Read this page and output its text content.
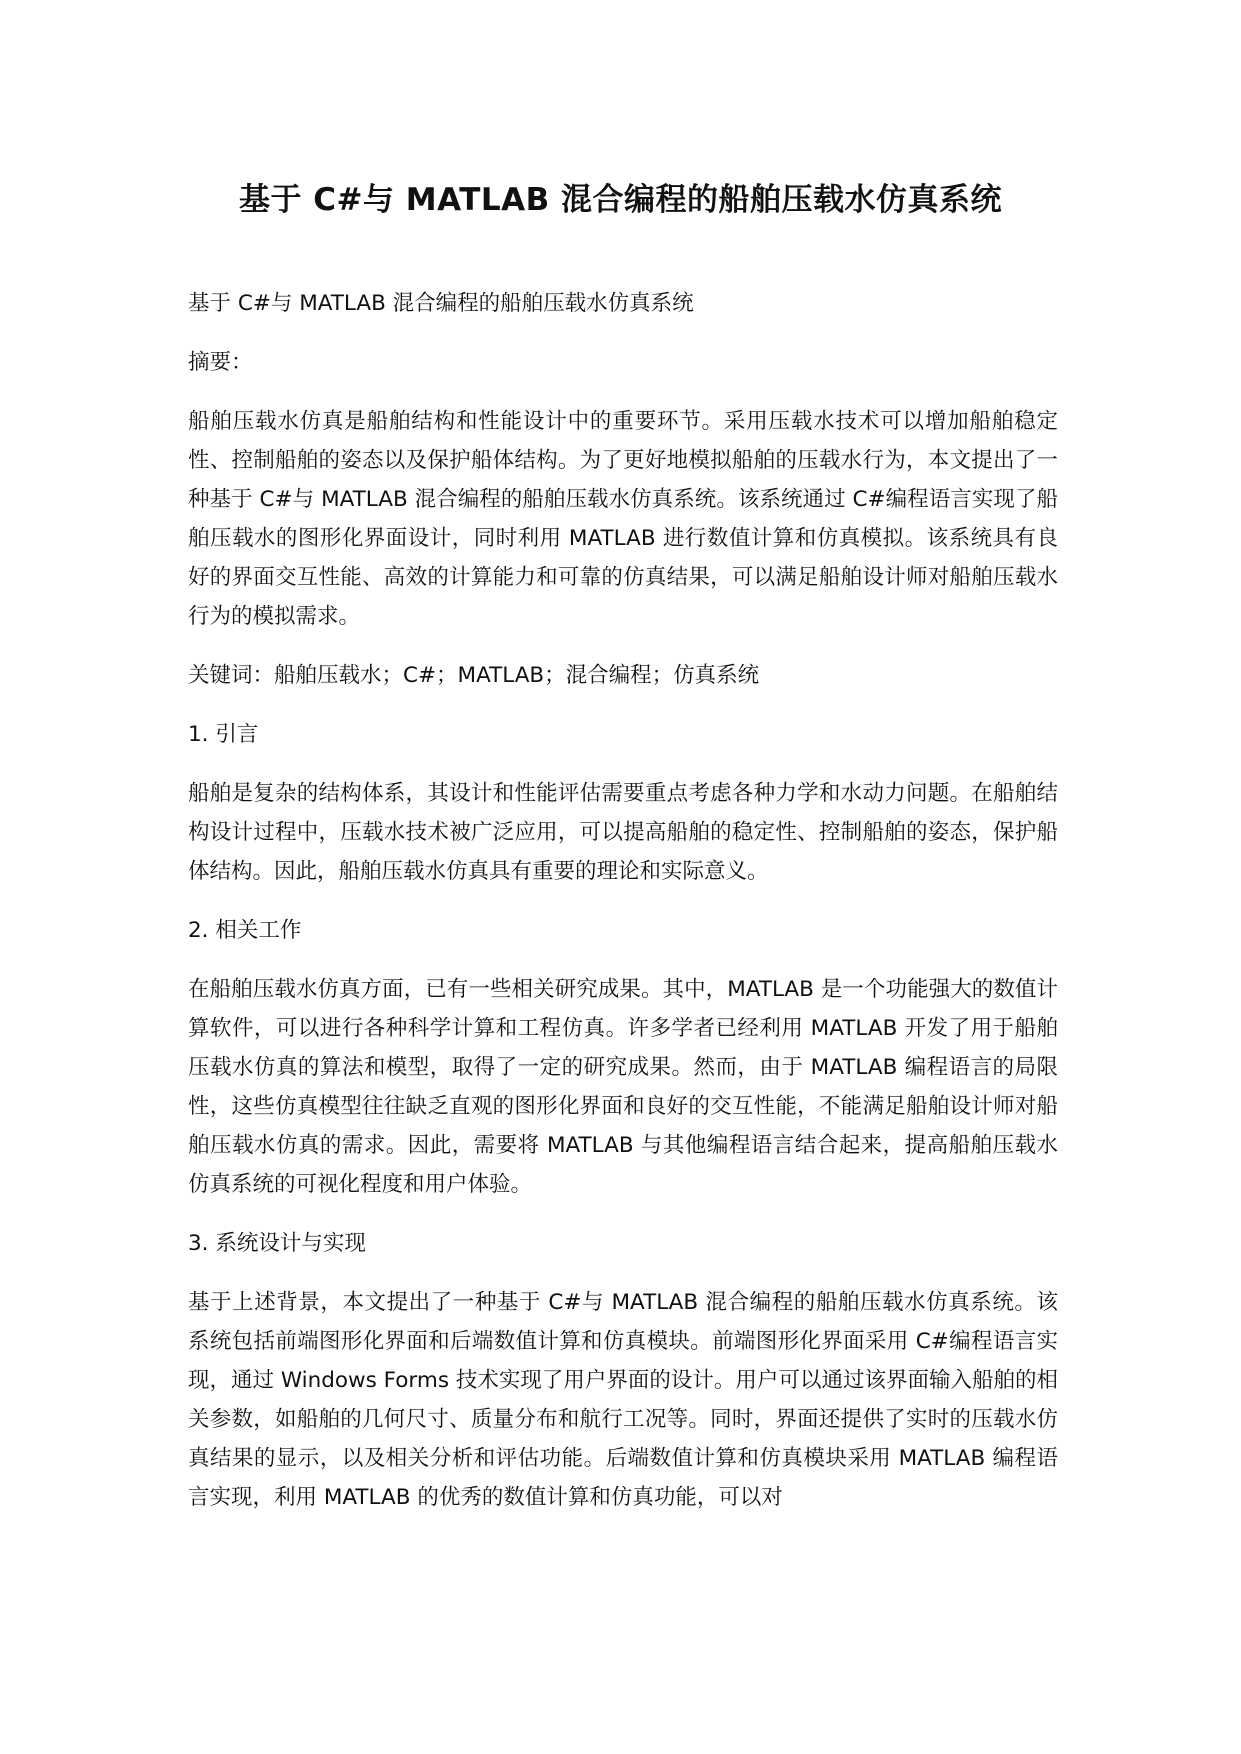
基于 C#与 MATLAB 混合编程的船舶压载水仿真系统

基于 C#与 MATLAB 混合编程的船舶压载水仿真系统

摘要：

船舶压载水仿真是船舶结构和性能设计中的重要环节。采用压载水技术可以增加船舶稳定性、控制船舶的姿态以及保护船体结构。为了更好地模拟船舶的压载水行为，本文提出了一种基于 C#与 MATLAB 混合编程的船舶压载水仿真系统。该系统通过 C#编程语言实现了船舶压载水的图形化界面设计，同时利用 MATLAB 进行数值计算和仿真模拟。该系统具有良好的界面交互性能、高效的计算能力和可靠的仿真结果，可以满足船舶设计师对船舶压载水行为的模拟需求。

关键词：船舶压载水；C#；MATLAB；混合编程；仿真系统

1. 引言

船舶是复杂的结构体系，其设计和性能评估需要重点考虑各种力学和水动力问题。在船舶结构设计过程中，压载水技术被广泛应用，可以提高船舶的稳定性、控制船舶的姿态，保护船体结构。因此，船舶压载水仿真具有重要的理论和实际意义。

2. 相关工作

在船舶压载水仿真方面，已有一些相关研究成果。其中，MATLAB 是一个功能强大的数值计算软件，可以进行各种科学计算和工程仿真。许多学者已经利用 MATLAB 开发了用于船舶压载水仿真的算法和模型，取得了一定的研究成果。然而，由于 MATLAB 编程语言的局限性，这些仿真模型往往缺乏直观的图形化界面和良好的交互性能，不能满足船舶设计师对船舶压载水仿真的需求。因此，需要将 MATLAB 与其他编程语言结合起来，提高船舶压载水仿真系统的可视化程度和用户体验。

3. 系统设计与实现

基于上述背景，本文提出了一种基于 C#与 MATLAB 混合编程的船舶压载水仿真系统。该系统包括前端图形化界面和后端数值计算和仿真模块。前端图形化界面采用 C#编程语言实现，通过 Windows Forms 技术实现了用户界面的设计。用户可以通过该界面输入船舶的相关参数，如船舶的几何尺寸、质量分布和航行工况等。同时，界面还提供了实时的压载水仿真结果的显示，以及相关分析和评估功能。后端数值计算和仿真模块采用 MATLAB 编程语言实现，利用 MATLAB 的优秀的数值计算和仿真功能，可以对
